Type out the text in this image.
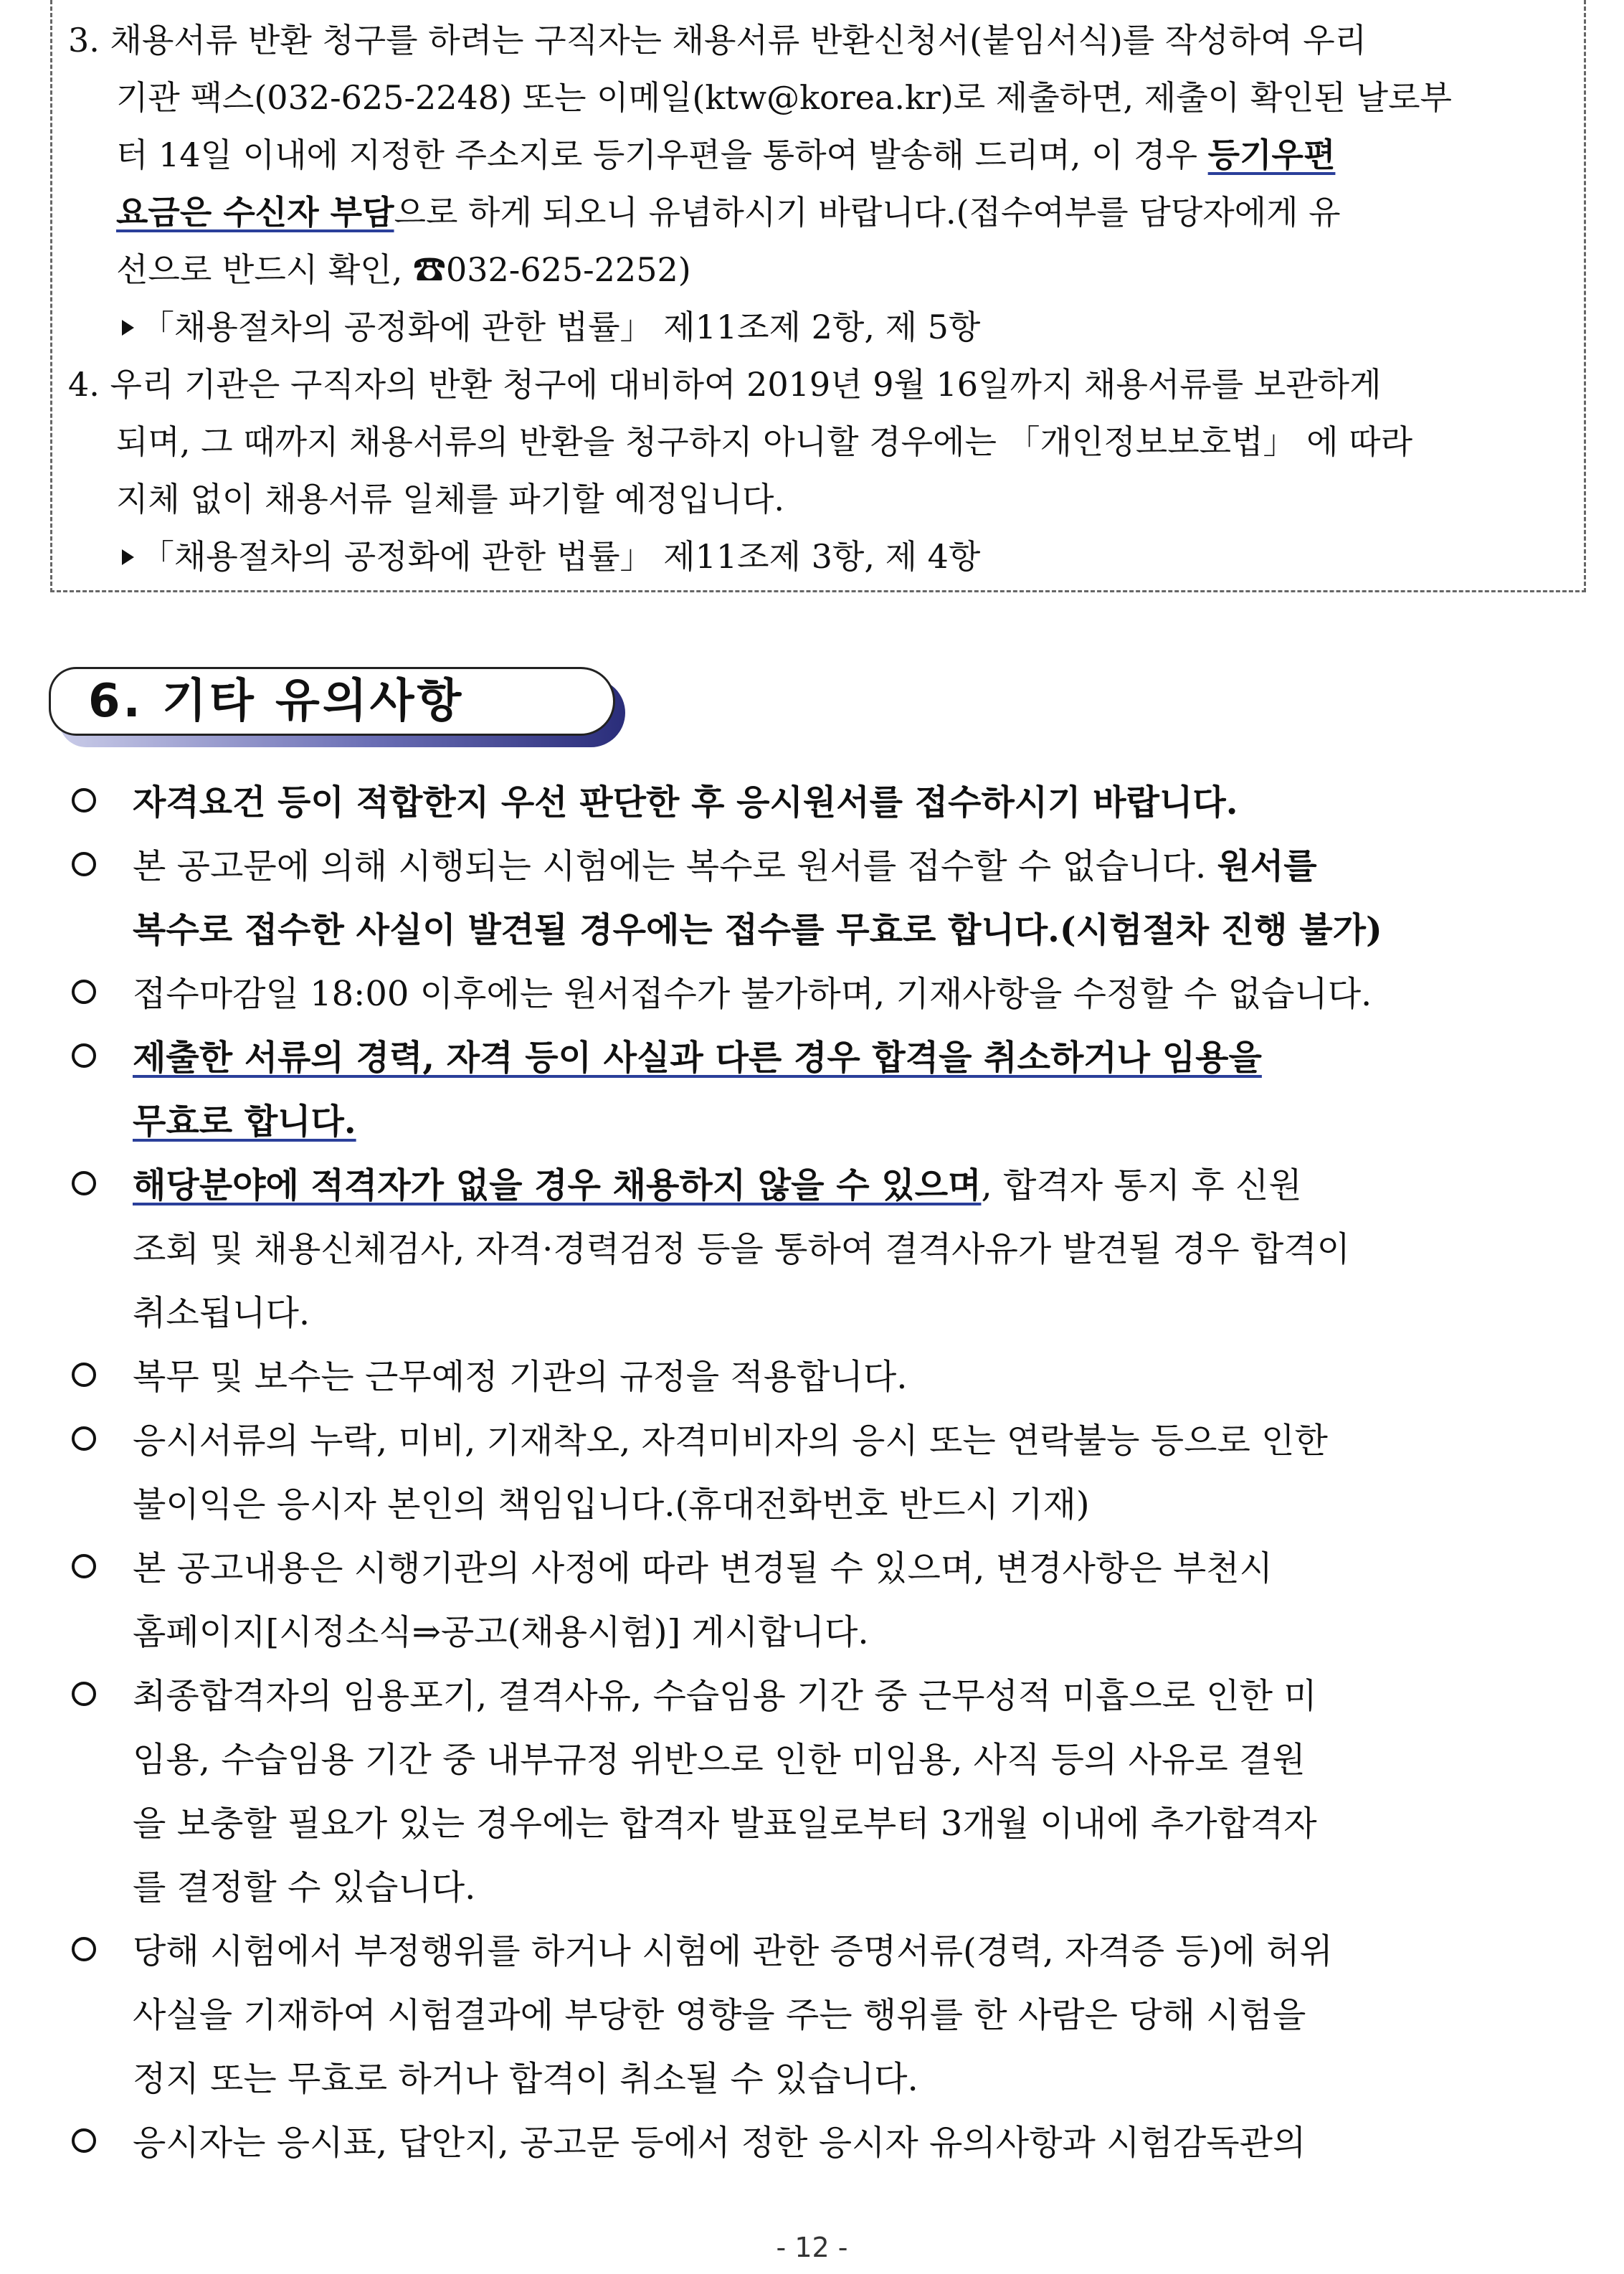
3. 채용서류 반환 청구를 하려는 구직자는 채용서류 반환신청서(붙임서식)를 작성하여 우리
기관 팩스(032-625-2248) 또는 이메일(ktw@korea.kr)로 제출하면, 제출이 확인된 날로부
터 14일 이내에 지정한 주소지로 등기우편을 통하여 발송해 드리며, 이 경우 등기우편
요금은 수신자 부담으로 하게 되오니 유념하시기 바랍니다.(접수여부를 담당자에게 유
선으로 반드시 확인, ☎032-625-2252)
「채용절차의 공정화에 관한 법률」 제11조제 2항, 제 5항
4. 우리 기관은 구직자의 반환 청구에 대비하여 2019년 9월 16일까지 채용서류를 보관하게
되며, 그 때까지 채용서류의 반환을 청구하지 아니할 경우에는 「개인정보보호법」 에 따라
지체 없이 채용서류 일체를 파기할 예정입니다.
「채용절차의 공정화에 관한 법률」 제11조제 3항, 제 4항
6. 기타 유의사항
자격요건 등이 적합한지 우선 판단한 후 응시원서를 접수하시기 바랍니다.
본 공고문에 의해 시행되는 시험에는 복수로 원서를 접수할 수 없습니다. 원서를
복수로 접수한 사실이 발견될 경우에는 접수를 무효로 합니다.(시험절차 진행 불가)
접수마감일 18:00 이후에는 원서접수가 불가하며, 기재사항을 수정할 수 없습니다.
제출한 서류의 경력, 자격 등이 사실과 다른 경우 합격을 취소하거나 임용을
무효로 합니다.
해당분야에 적격자가 없을 경우 채용하지 않을 수 있으며, 합격자 통지 후 신원
조회 및 채용신체검사, 자격·경력검정 등을 통하여 결격사유가 발견될 경우 합격이
취소됩니다.
복무 및 보수는 근무예정 기관의 규정을 적용합니다.
응시서류의 누락, 미비, 기재착오, 자격미비자의 응시 또는 연락불능 등으로 인한
불이익은 응시자 본인의 책임입니다.(휴대전화번호 반드시 기재)
본 공고내용은 시행기관의 사정에 따라 변경될 수 있으며, 변경사항은 부천시
홈페이지[시정소식⇒공고(채용시험)] 게시합니다.
최종합격자의 임용포기, 결격사유, 수습임용 기간 중 근무성적 미흡으로 인한 미
임용, 수습임용 기간 중 내부규정 위반으로 인한 미임용, 사직 등의 사유로 결원
을 보충할 필요가 있는 경우에는 합격자 발표일로부터 3개월 이내에 추가합격자
를 결정할 수 있습니다.
당해 시험에서 부정행위를 하거나 시험에 관한 증명서류(경력, 자격증 등)에 허위
사실을 기재하여 시험결과에 부당한 영향을 주는 행위를 한 사람은 당해 시험을
정지 또는 무효로 하거나 합격이 취소될 수 있습니다.
응시자는 응시표, 답안지, 공고문 등에서 정한 응시자 유의사항과 시험감독관의
- 12 -
